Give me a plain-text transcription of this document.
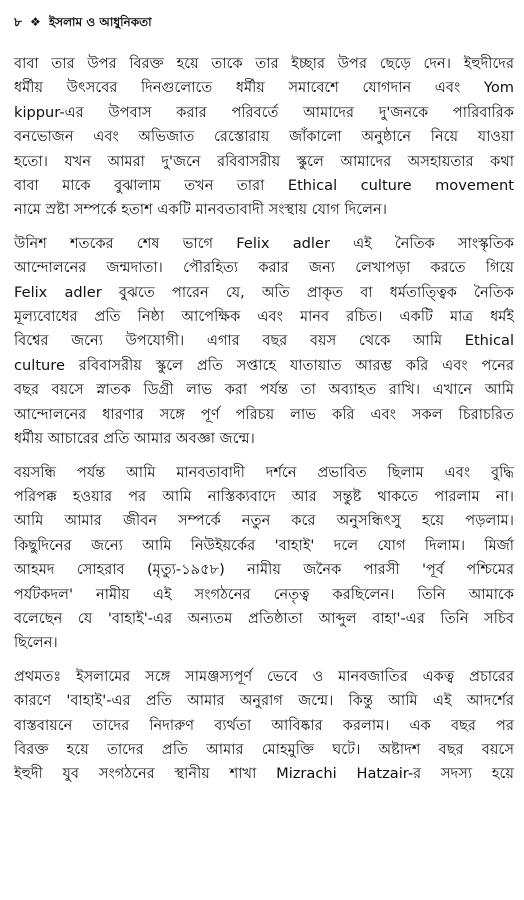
৮ ❖ ইসলাম ও আধুনিকতা
বাবা তার উপর বিরক্ত হয়ে তাকে তার ইচ্ছার উপর ছেড়ে দেন। ইহুদীদের
ধর্মীয় উৎসবের দিনগুলোতে ধর্মীয় সমাবেশে যোগদান এবং Yom
kippur-এর উপবাস করার পরিবর্তে আমাদের দু'জনকে পারিবারিক
বনভোজন এবং অভিজাত রেস্তোরায় জাঁকালো অনুষ্ঠানে নিয়ে যাওয়া
হতো। যখন আমরা দু'জনে রবিবাসরীয় স্কুলে আমাদের অসহায়তার কথা
বাবা মাকে বুঝালাম তখন তারা Ethical culture movement
নামে স্রষ্টা সম্পর্কে হতাশ একটি মানবতাবাদী সংস্থায় যোগ দিলেন।
উনিশ শতকের শেষ ভাগে Felix adler এই নৈতিক সাংস্কৃতিক
আন্দোলনের জন্মদাতা। পৌরহিত্য করার জন্য লেখাপড়া করতে গিয়ে
Felix adler বুঝতে পারেন যে, অতি প্রাকৃত বা ধর্মতাত্ত্বিক নৈতিক
মূল্যবোধের প্রতি নিষ্ঠা আপেক্ষিক এবং মানব রচিত। একটি মাত্র ধর্মই
বিশ্বের জন্যে উপযোগী। এগার বছর বয়স থেকে আমি Ethical
culture রবিবাসরীয় স্কুলে প্রতি সপ্তাহে যাতায়াত আরম্ভ করি এবং পনের
বছর বয়সে স্নাতক ডিগ্রী লাভ করা পর্যন্ত তা অব্যাহত রাখি। এখানে আমি
আন্দোলনের ধারণার সঙ্গে পূর্ণ পরিচয় লাভ করি এবং সকল চিরাচরিত
ধর্মীয় আচারের প্রতি আমার অবজ্ঞা জন্মে।
বয়সন্ধি পর্যন্ত আমি মানবতাবাদী দর্শনে প্রভাবিত ছিলাম এবং বুদ্ধি
পরিপক্ক হওয়ার পর আমি নাস্তিক্যবাদে আর সন্তুষ্ট থাকতে পারলাম না।
আমি আমার জীবন সম্পর্কে নতুন করে অনুসন্ধিৎসু হয়ে পড়লাম।
কিছুদিনের জন্যে আমি নিউইয়র্কের 'বাহাই' দলে যোগ দিলাম। মির্জা
আহমদ সোহরাব (মৃত্যু-১৯৫৮) নামীয় জনৈক পারসী 'পূর্ব পশ্চিমের
পর্যটকদল' নামীয় এই সংগঠনের নেতৃত্ব করছিলেন। তিনি আমাকে
বলেছেন যে 'বাহাই'-এর অন্যতম প্রতিষ্ঠাতা আব্দুল বাহা'-এর তিনি সচিব
ছিলেন।
প্রথমতঃ ইসলামের সঙ্গে সামঞ্জস্যপূর্ণ ভেবে ও মানবজাতির একত্ব প্রচারের
কারণে 'বাহাই'-এর প্রতি আমার অনুরাগ জন্মে। কিন্তু আমি এই আদর্শের
বাস্তবায়নে তাদের নিদারুণ ব্যর্থতা আবিষ্কার করলাম। এক বছর পর
বিরক্ত হয়ে তাদের প্রতি আমার মোহমুক্তি ঘটে। অষ্টাদশ বছর বয়সে
ইহুদী যুব সংগঠনের স্থানীয় শাখা Mizrachi Hatzair-র সদস্য হয়ে
